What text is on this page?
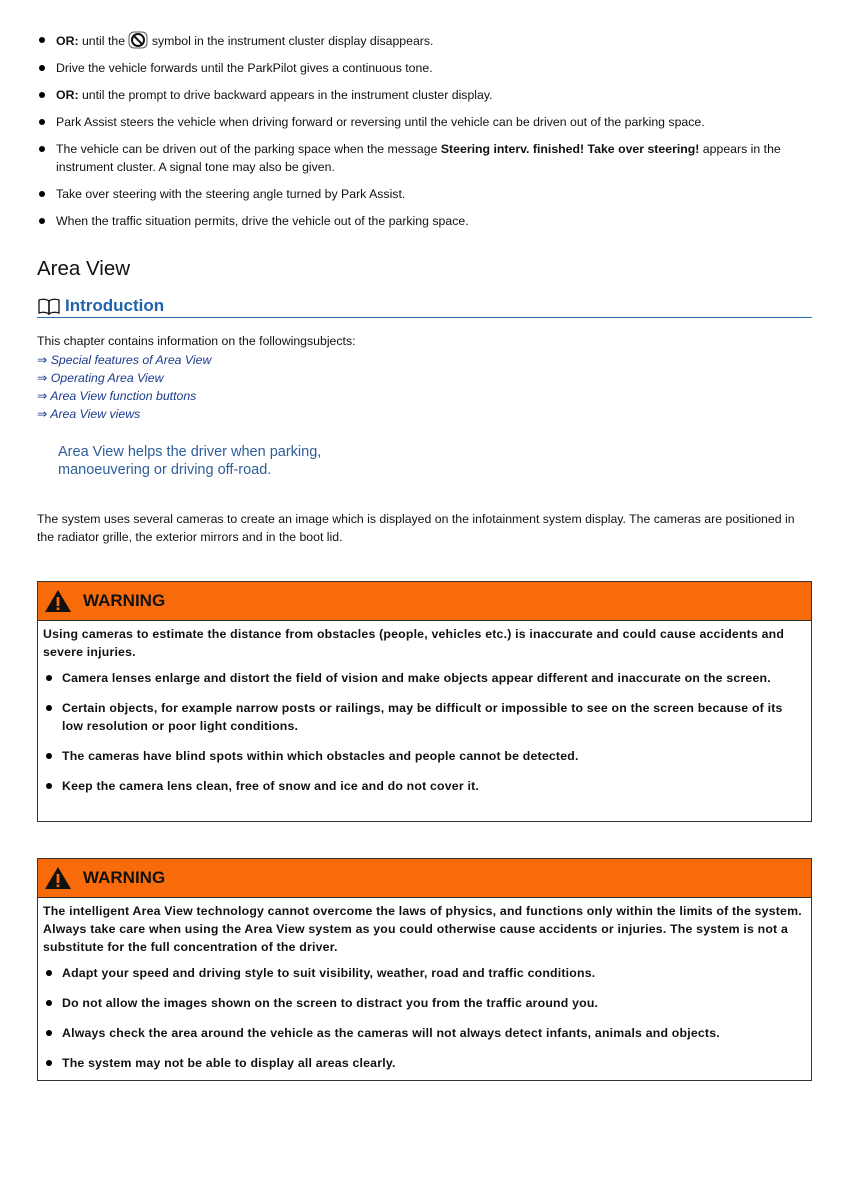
OR: until the  symbol in the instrument cluster display disappears.
Drive the vehicle forwards until the ParkPilot gives a continuous tone.
OR: until the prompt to drive backward appears in the instrument cluster display.
Park Assist steers the vehicle when driving forward or reversing until the vehicle can be driven out of the parking space.
The vehicle can be driven out of the parking space when the message Steering interv. finished! Take over steering! appears in the instrument cluster. A signal tone may also be given.
Take over steering with the steering angle turned by Park Assist.
When the traffic situation permits, drive the vehicle out of the parking space.
Area View
Introduction
This chapter contains information on the followingsubjects:
⇒ Special features of Area View
⇒ Operating Area View
⇒ Area View function buttons
⇒ Area View views
Area View helps the driver when parking, manoeuvering or driving off-road.
The system uses several cameras to create an image which is displayed on the infotainment system display. The cameras are positioned in the radiator grille, the exterior mirrors and in the boot lid.
WARNING

Using cameras to estimate the distance from obstacles (people, vehicles etc.) is inaccurate and could cause accidents and severe injuries.

Camera lenses enlarge and distort the field of vision and make objects appear different and inaccurate on the screen.
Certain objects, for example narrow posts or railings, may be difficult or impossible to see on the screen because of its low resolution or poor light conditions.
The cameras have blind spots within which obstacles and people cannot be detected.
Keep the camera lens clean, free of snow and ice and do not cover it.
WARNING

The intelligent Area View technology cannot overcome the laws of physics, and functions only within the limits of the system. Always take care when using the Area View system as you could otherwise cause accidents or injuries. The system is not a substitute for the full concentration of the driver.

Adapt your speed and driving style to suit visibility, weather, road and traffic conditions.
Do not allow the images shown on the screen to distract you from the traffic around you.
Always check the area around the vehicle as the cameras will not always detect infants, animals and objects.
The system may not be able to display all areas clearly.
